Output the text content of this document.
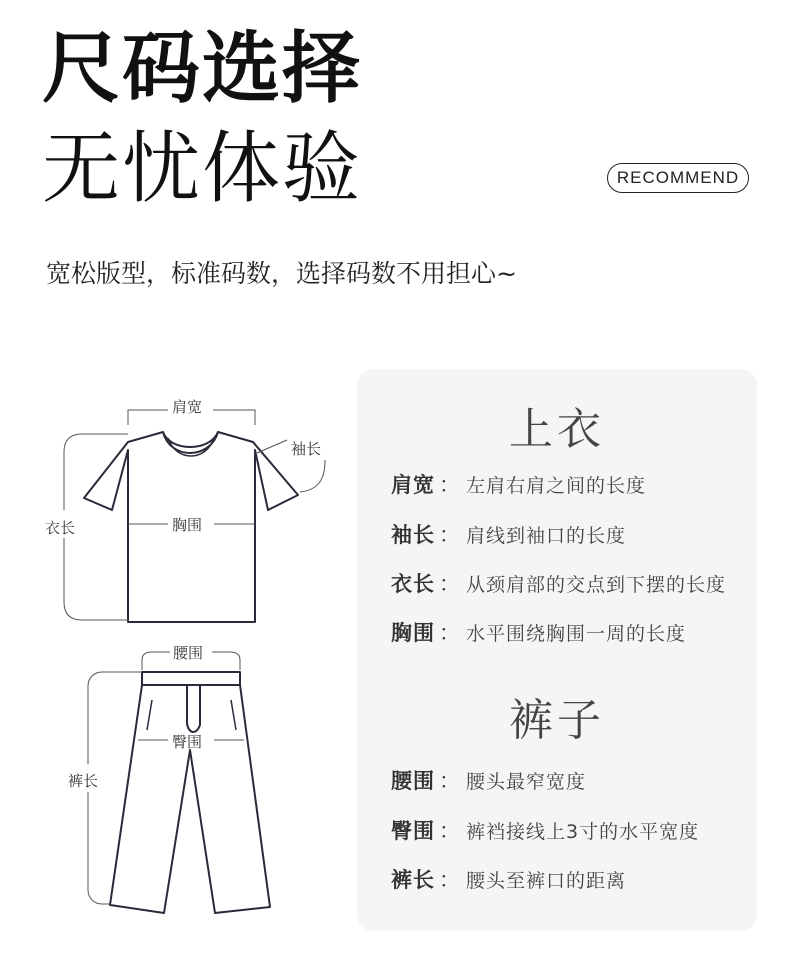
尺码选择
无忧体验	RECOMMEND
宽松版型，标准码数，选择码数不用担心~
肩宽
袖长
衣长	胸围
腰围
臀围
裤长
上衣
肩宽 ： 左肩右肩之间的长度
袖长 ： 肩线到袖口的长度
衣长 ： 从颈肩部的交点到下摆的长度
胸围 ： 水平围绕胸围一周的长度
裤子
腰围 ： 腰头最窄宽度
臀围 ： 裤裆接线上3寸的水平宽度
裤长 ： 腰头至裤口的距离
